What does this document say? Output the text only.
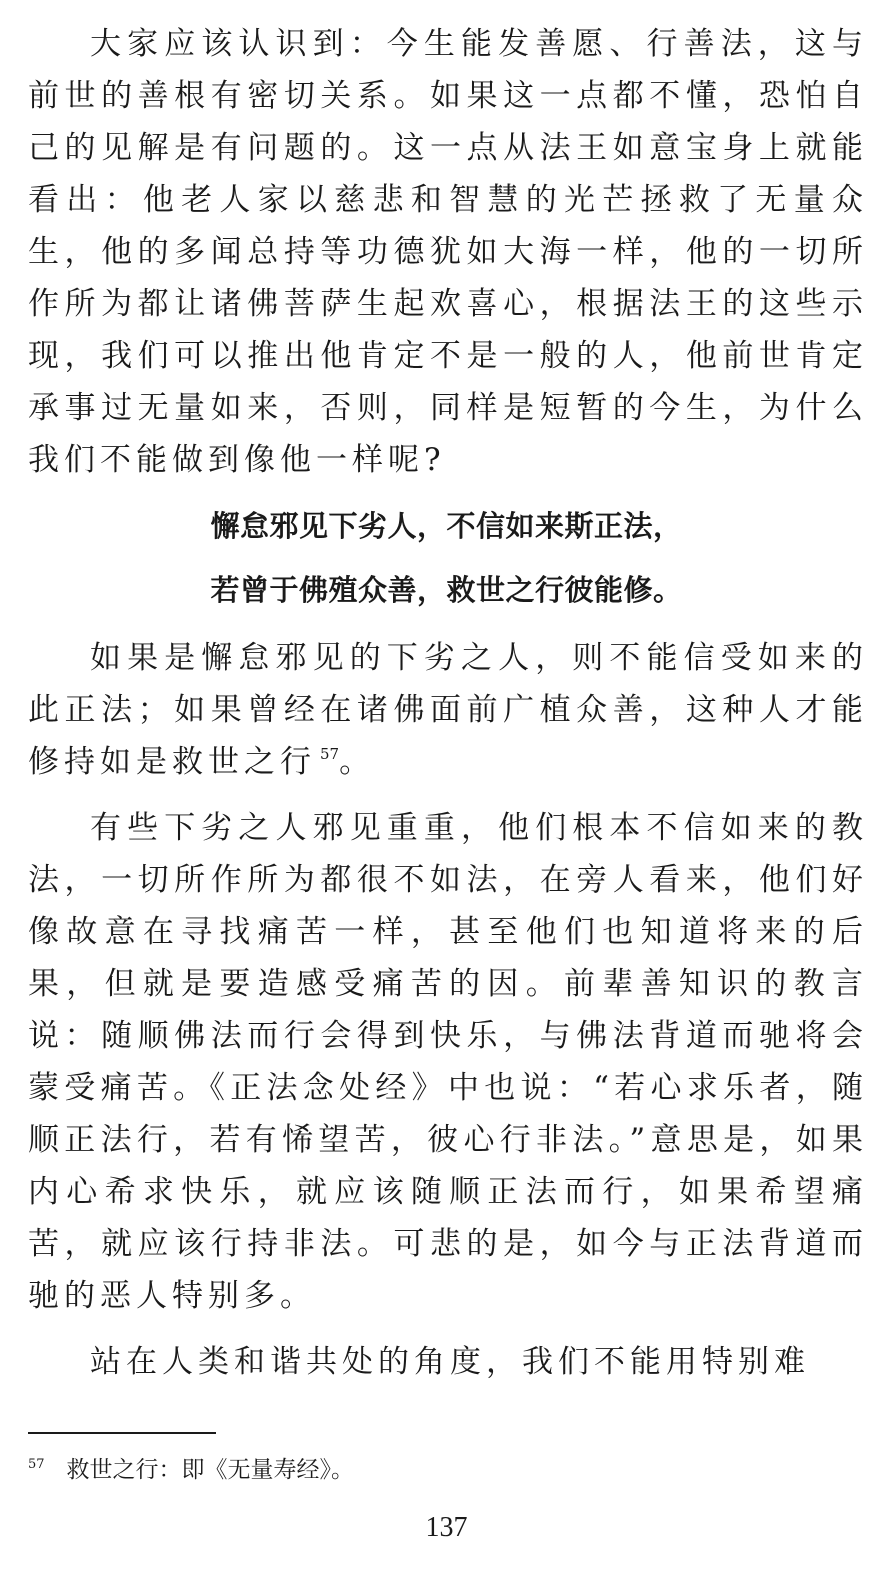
大家应该认识到：今生能发善愿、行善法，这与前世的善根有密切关系。如果这一点都不懂，恐怕自己的见解是有问题的。这一点从法王如意宝身上就能看出：他老人家以慈悲和智慧的光芒拯救了无量众生，他的多闻总持等功德犹如大海一样，他的一切所作所为都让诸佛菩萨生起欢喜心，根据法王的这些示现，我们可以推出他肯定不是一般的人，他前世肯定承事过无量如来，否则，同样是短暂的今生，为什么我们不能做到像他一样呢?

懈怠邪见下劣人，不信如来斯正法，

若曾于佛殖众善，救世之行彼能修。

如果是懈怠邪见的下劣之人，则不能信受如来的此正法；如果曾经在诸佛面前广植众善，这种人才能修持如是救世之行 $^{57}$。

有些下劣之人邪见重重，他们根本不信如来的教法，一切所作所为都很不如法，在旁人看来，他们好像故意在寻找痛苦一样，甚至他们也知道将来的后果，但就是要造感受痛苦的因。前辈善知识的教言说：随顺佛法而行会得到快乐，与佛法背道而驰将会蒙受痛苦。《正法念处经》中也说：“若心求乐者，随顺正法行，若有悕望苦，彼心行非法。”意思是，如果内心希求快乐，就应该随顺正法而行，如果希望痛苦，就应该行持非法。可悲的是，如今与正法背道而驰的恶人特别多。

站在人类和谐共处的角度，我们不能用特别难

$^{57}$ 救世之行：即《无量寿经》。
137
